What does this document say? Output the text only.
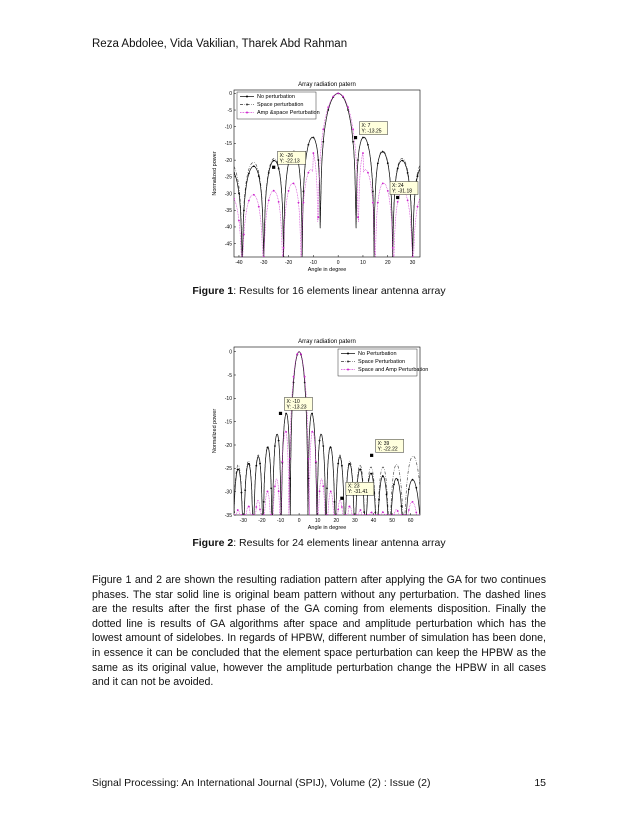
Reza Abdolee, Vida Vakilian, Tharek Abd Rahman
Array radiation patern
-40	-30	-20	-10	0	10	20	30
0
-5
-10
-15
-20
-25
-30
-35
-40
-45
Angle in degree
Normalized power
No perturbation
Space perturbation
Amp &space Perturbation
X: -26
Y: -22.13
X: 7
Y: -13.25
X: 24
Y: -31.18
Figure 1: Results for 16 elements linear antenna array
Array radiation patern
-30 -20 -10	0	10	20	30	40	50	60
0
-5
-10
-15
-20
-25
-30
-35
Angle in degree
Normalized power
No Perturbation
Space Perturbation
Space and Amp Perturbation
X: -10
Y: -13.23
X: 39
Y: -22.22
X: 23
Y: -31.41
Figure 2: Results for 24 elements linear antenna array
Figure 1 and 2 are shown the resulting radiation pattern after applying the GA for two continues phases. The star solid line is original beam pattern without any perturbation. The dashed lines are the results after the first phase of the GA coming from elements disposition. Finally the dotted line is results of GA algorithms after space and amplitude perturbation which has the lowest amount of sidelobes. In regards of HPBW, different number of simulation has been done, in essence it can be concluded that the element space perturbation can keep the HPBW as the same as its original value, however the amplitude perturbation change the HPBW in all cases and it can not be avoided.
Signal Processing: An International Journal (SPIJ), Volume (2) : Issue (2)	15
